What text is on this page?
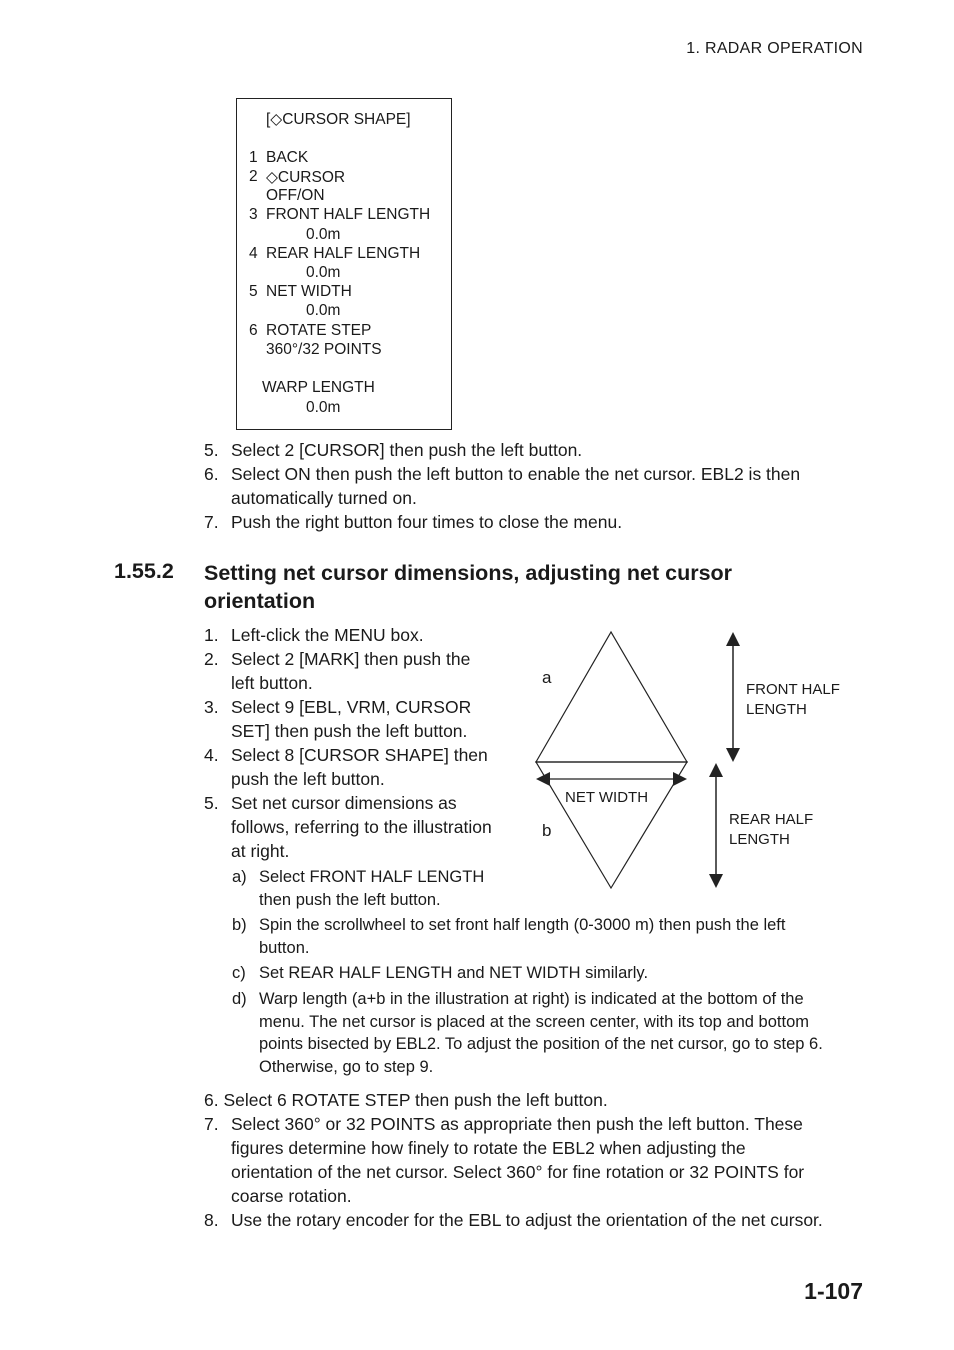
1. RADAR OPERATION
[◇CURSOR SHAPE]
1 BACK
2 ◇CURSOR
OFF/ON
3 FRONT HALF LENGTH
0.0m
4 REAR HALF LENGTH
0.0m
5 NET WIDTH
0.0m
6 ROTATE STEP
360°/32 POINTS
WARP LENGTH
0.0m
5. Select 2 [CURSOR] then push the left button.
6. Select ON then push the left button to enable the net cursor. EBL2 is then
automatically turned on.
7. Push the right button four times to close the menu.
1.55.2 Setting net cursor dimensions, adjusting net cursor
orientation
1. Left-click the MENU box.
2. Select 2 [MARK] then push the
left button.
3. Select 9 [EBL, VRM, CURSOR
SET] then push the left button.
4. Select 8 [CURSOR SHAPE] then
push the left button.
5. Set net cursor dimensions as
follows, referring to the illustration
at right.
a) Select FRONT HALF LENGTH
then push the left button.
b) Spin the scrollwheel to set front half length (0-3000 m) then push the left
button.
c) Set REAR HALF LENGTH and NET WIDTH similarly.
d) Warp length (a+b in the illustration at right) is indicated at the bottom of the
menu. The net cursor is placed at the screen center, with its top and bottom
points bisected by EBL2. To adjust the position of the net cursor, go to step 6.
Otherwise, go to step 9.
6. Select 6 ROTATE STEP then push the left button.
7. Select 360° or 32 POINTS as appropriate then push the left button. These
figures determine how finely to rotate the EBL2 when adjusting the
orientation of the net cursor. Select 360° for fine rotation or 32 POINTS for
coarse rotation.
8. Use the rotary encoder for the EBL to adjust the orientation of the net cursor.
a
b
NET WIDTH
FRONT HALF
LENGTH
REAR HALF
LENGTH
1-107
